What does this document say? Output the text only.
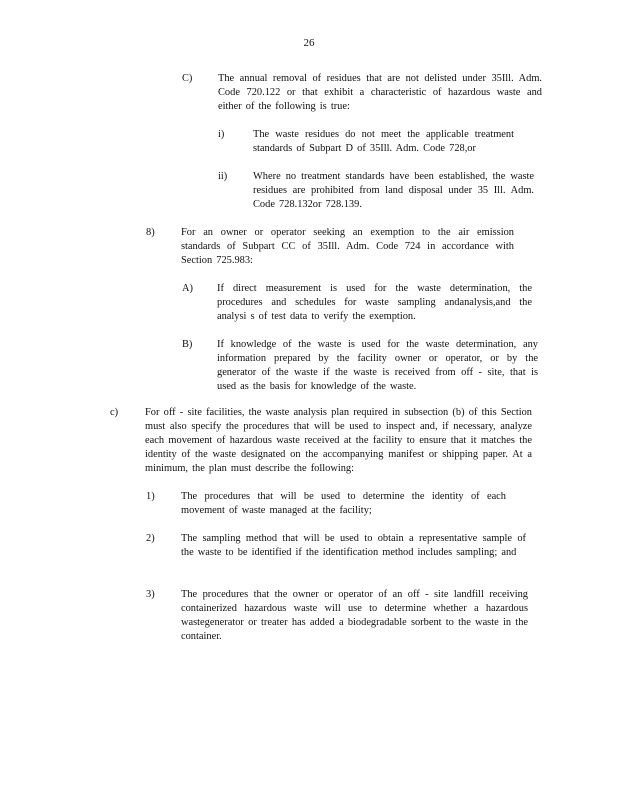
26
C) The annual removal of residues that are not delisted under 35Ill. Adm. Code 720.122 or that exhibit a characteristic of hazardous waste and either of the following is true:
i)	The waste residues do not meet the applicable treatment standards of Subpart D of 35Ill. Adm. Code 728,or
ii) Where no treatment standards have been established, the waste residues are prohibited from land disposal under 35 Ill. Adm. Code 728.132or 728.139.
8)	For an owner or operator seeking an exemption to the air emission standards of Subpart CC of 35Ill. Adm. Code 724 in accordance with Section 725.983:
A) If direct measurement is used for the waste determination, the procedures and schedules for waste sampling andanalysis,and the analysi s of test data to verify the exemption.
B) If knowledge of the waste is used for the waste determination, any information prepared by the facility owner or operator, or by the generator of the waste if the waste is received from off - site, that is used as the basis for knowledge of the waste.
c)	For off - site facilities, the waste analysis plan required in subsection (b) of this Section must also specify the procedures that will be used to inspect and, if necessary, analyze each movement of hazardous waste received at the facility to ensure that it matches the identity of the waste designated on the accompanying manifest or shipping paper. At a minimum, the plan must describe the following:
1)	The procedures that will be used to determine the identity of each movement of waste managed at the facility;
2)	The sampling method that will be used to obtain a representative sample of the waste to be identified if the identification method includes sampling; and
3)	The procedures that the owner or operator of an off - site landfill receiving containerized hazardous waste will use to determine whether a hazardous wastegenerator or treater has added a biodegradable sorbent to the waste in the container.
